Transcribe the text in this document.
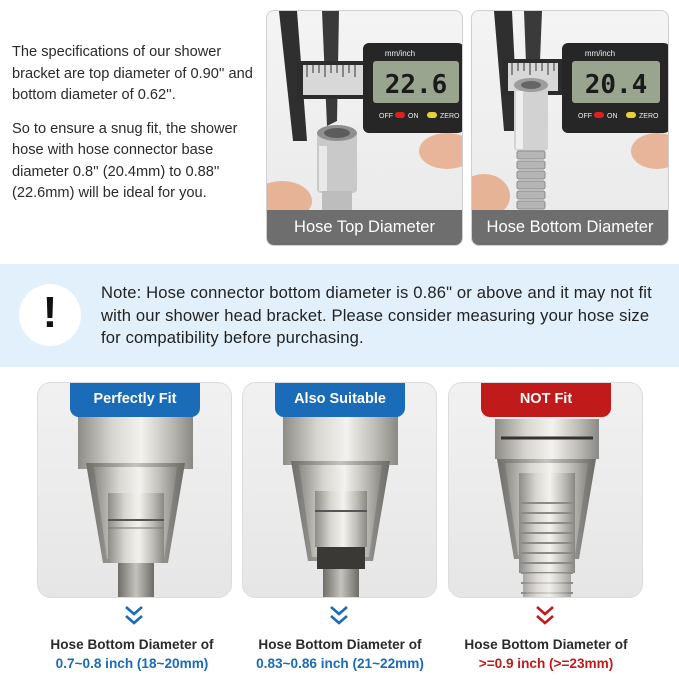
The specifications of our shower bracket are top diameter of 0.90'' and bottom diameter of 0.62''.

So to ensure a snug fit, the shower hose with hose connector base diameter 0.8'' (20.4mm) to 0.88'' (22.6mm) will be ideal for you.

22.6
mm/inch
OFF ON	ZERO
Hose Top Diameter
20.4
mm/inch
OFF ON	ZERO
Hose Bottom Diameter
!	Note: Hose connector bottom diameter is 0.86" or above and it may not fit with our shower head bracket. Please consider measuring your hose size for compatibility before purchasing.
Perfectly Fit	Also Suitable	NOT Fit
Hose Bottom Diameter of
0.7~0.8 inch (18~20mm)
Hose Bottom Diameter of
0.83~0.86 inch (21~22mm)
Hose Bottom Diameter of
>=0.9 inch (>=23mm)
